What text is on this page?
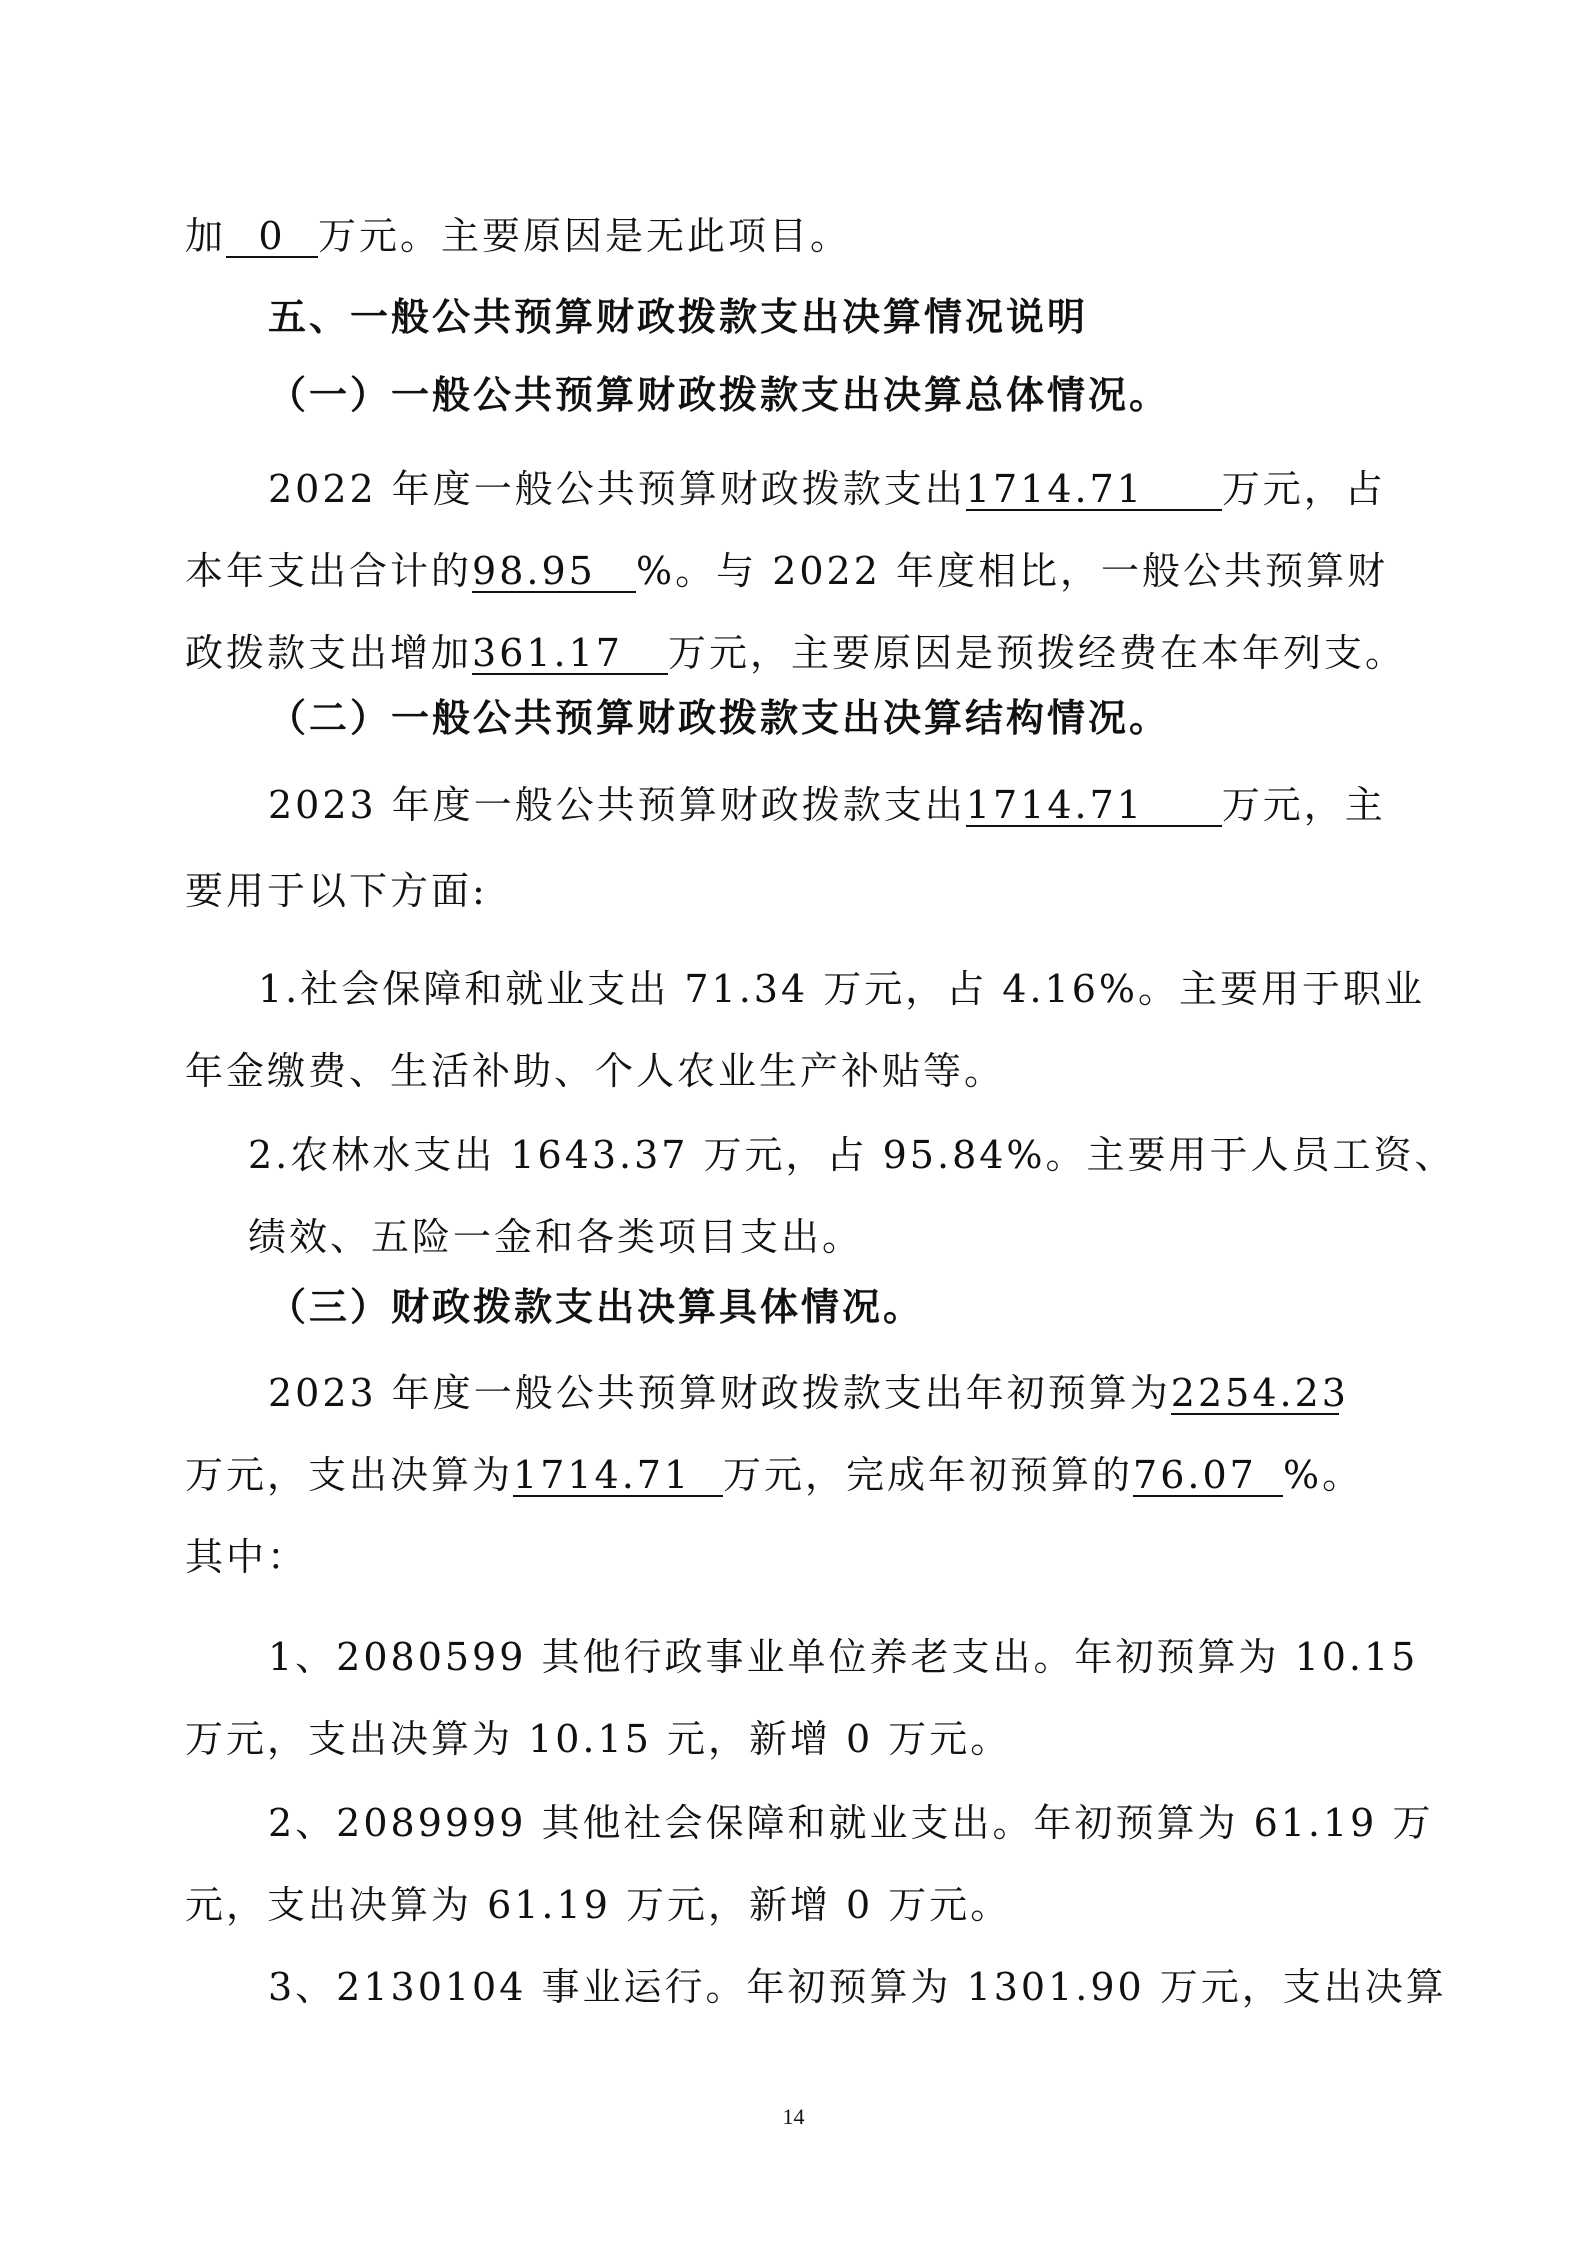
加 0 万元。主要原因是无此项目。
五、一般公共预算财政拨款支出决算情况说明
（一）一般公共预算财政拨款支出决算总体情况。
2022 年度一般公共预算财政拨款支出1714.71 万元，占
本年支出合计的98.95 %。与 2022 年度相比，一般公共预算财
政拨款支出增加361.17 万元，主要原因是预拨经费在本年列支。
（二）一般公共预算财政拨款支出决算结构情况。
2023 年度一般公共预算财政拨款支出1714.71 万元，主
要用于以下方面:
1.社会保障和就业支出 71.34 万元，占 4.16%。主要用于职业
年金缴费、生活补助、个人农业生产补贴等。
2.农林水支出 1643.37 万元，占 95.84%。主要用于人员工资、
绩效、五险一金和各类项目支出。
（三）财政拨款支出决算具体情况。
2023 年度一般公共预算财政拨款支出年初预算为2254.23
万元，支出决算为1714.71 万元，完成年初预算的76.07 %。
其中：
1、2080599 其他行政事业单位养老支出。年初预算为 10.15
万元，支出决算为 10.15 元，新增 0 万元。
2、2089999 其他社会保障和就业支出。年初预算为 61.19 万
元，支出决算为 61.19 万元，新增 0 万元。
3、2130104 事业运行。年初预算为 1301.90 万元，支出决算
14
